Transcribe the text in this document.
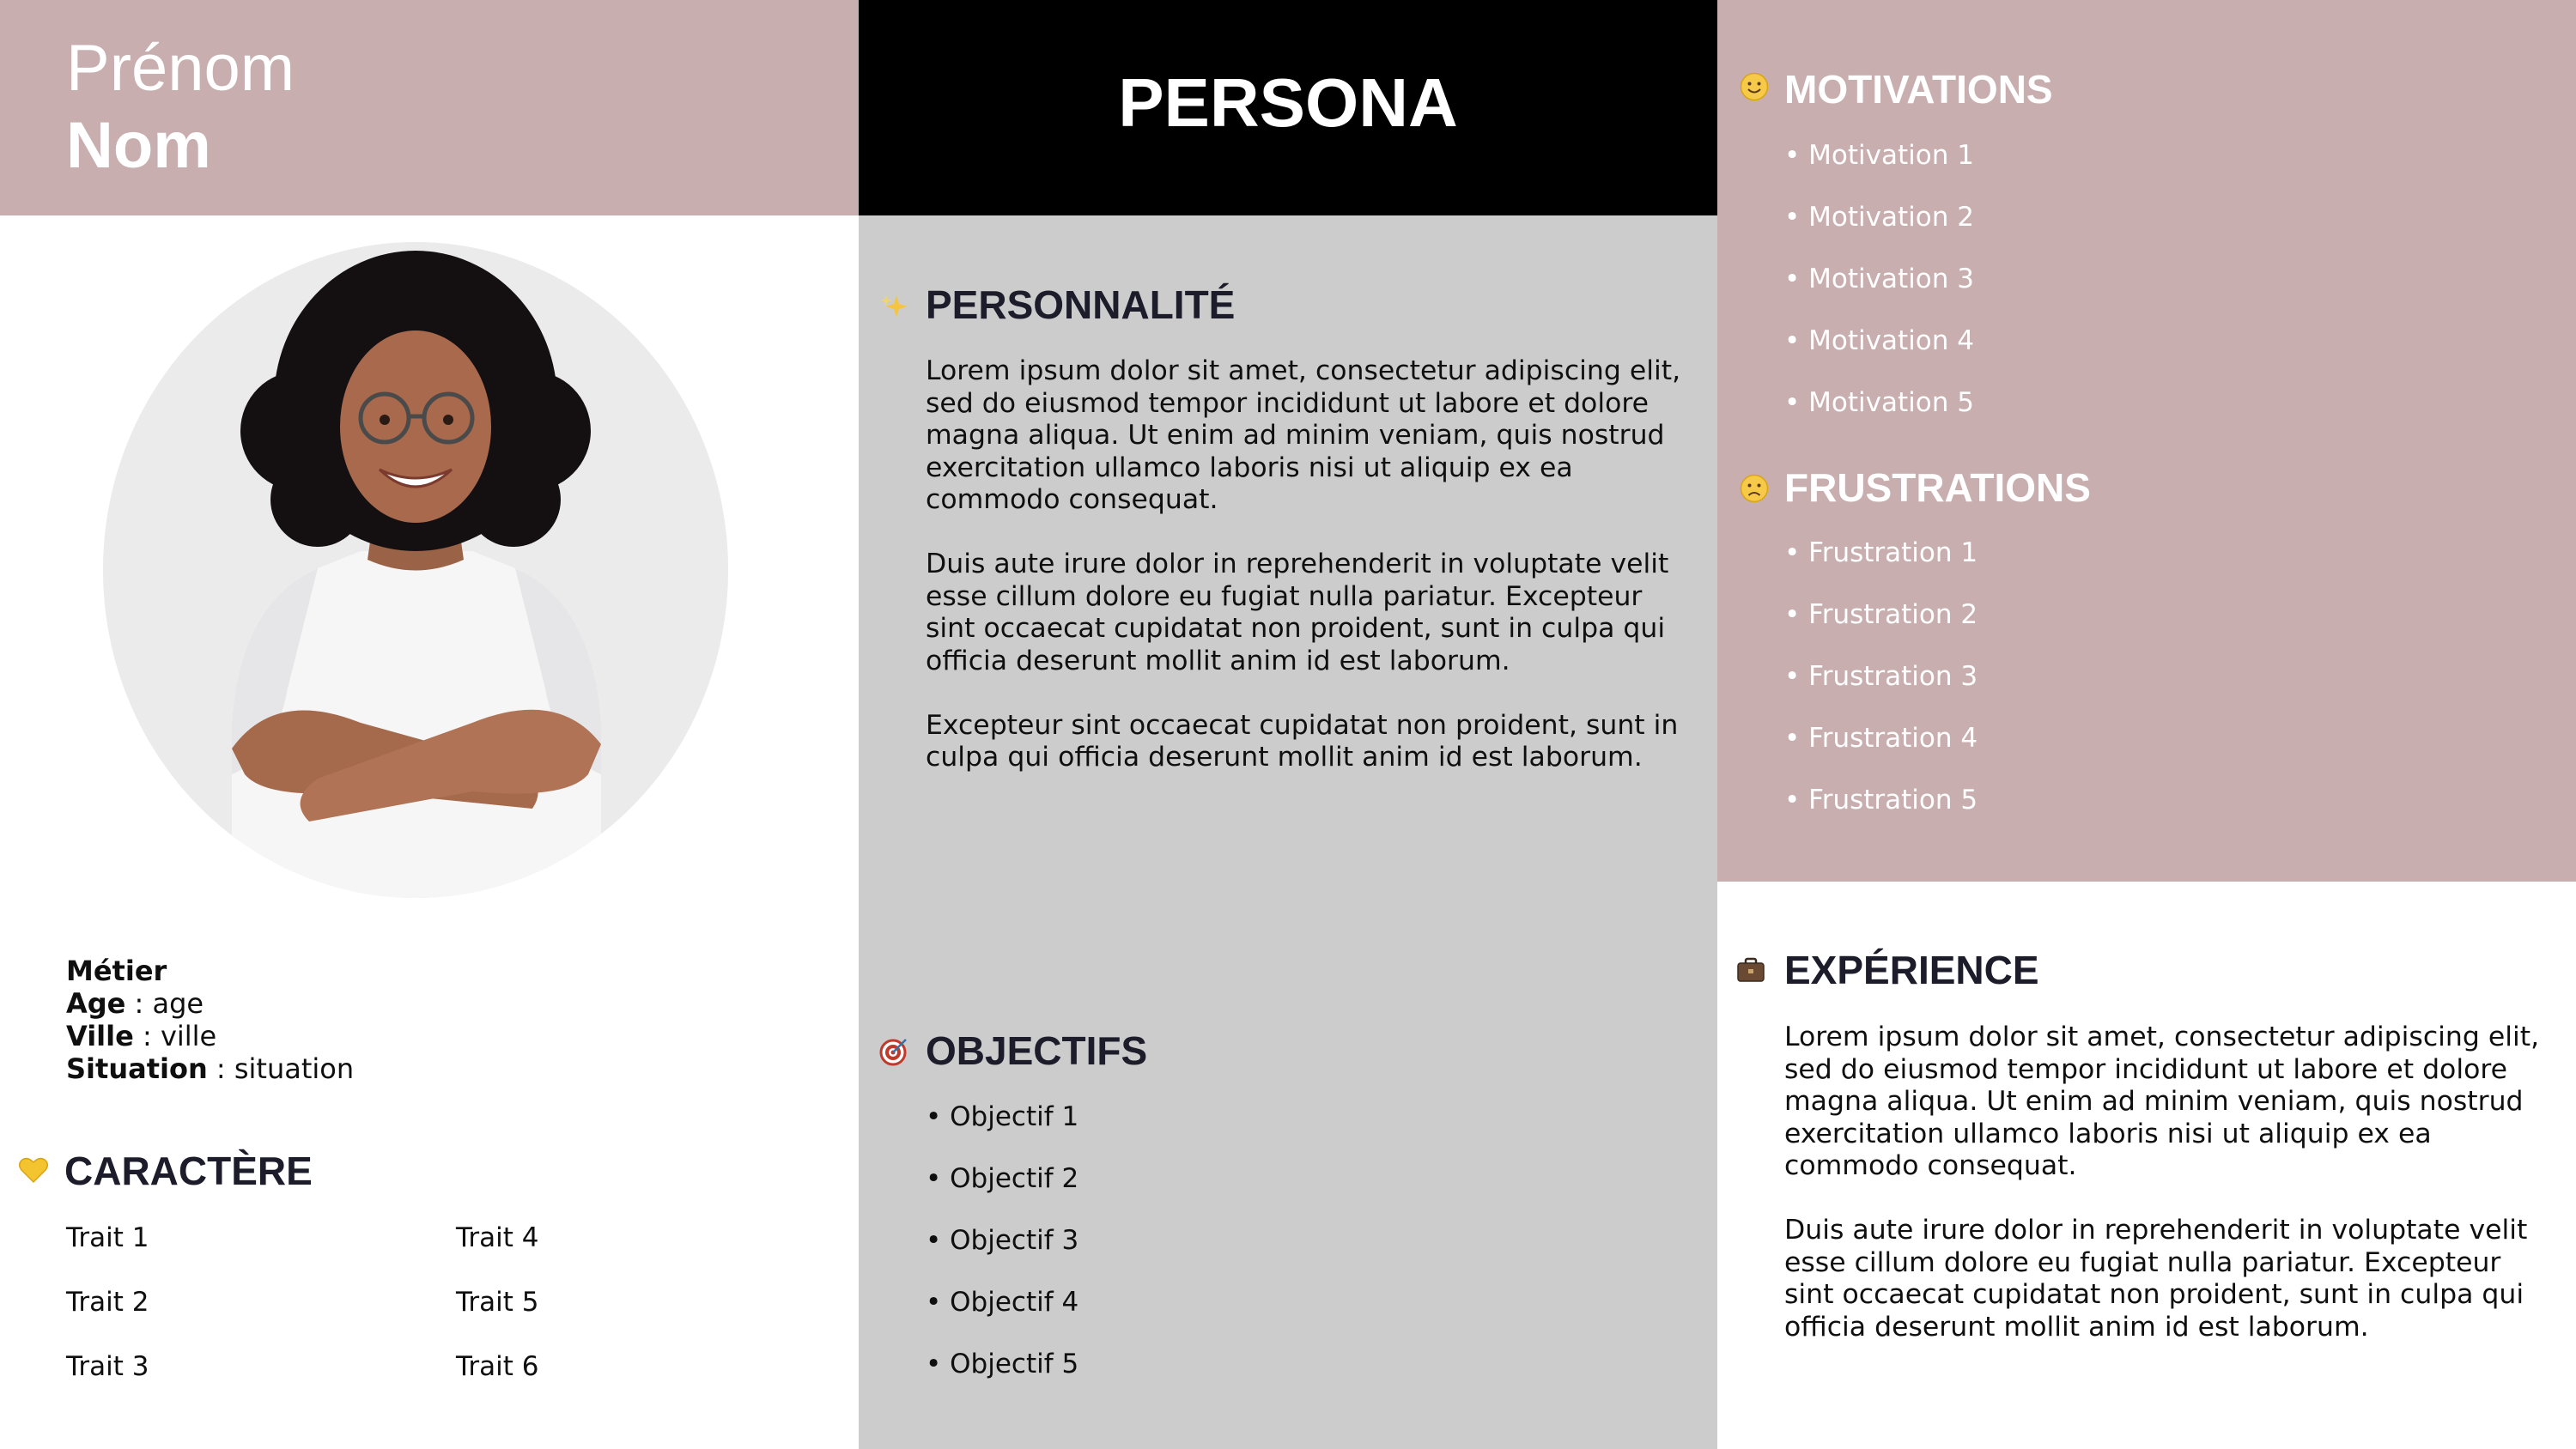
Prénom
Nom
PERSONA
Métier
Age : age
Ville : ville
Situation : situation
CARACTÈRE
Trait 1
Trait 2
Trait 3
Trait 4
Trait 5
Trait 6
PERSONNALITÉ

Lorem ipsum dolor sit amet, consectetur adipiscing elit, sed do eiusmod tempor incididunt ut labore et dolore magna aliqua. Ut enim ad minim veniam, quis nostrud exercitation ullamco laboris nisi ut aliquip ex ea commodo consequat.

Duis aute irure dolor in reprehenderit in voluptate velit esse cillum dolore eu fugiat nulla pariatur. Excepteur sint occaecat cupidatat non proident, sunt in culpa qui officia deserunt mollit anim id est laborum.

Excepteur sint occaecat cupidatat non proident, sunt in culpa qui officia deserunt mollit anim id est laborum.

OBJECTIFS
• Objectif 1
• Objectif 2
• Objectif 3
• Objectif 4
• Objectif 5
MOTIVATIONS
• Motivation 1
• Motivation 2
• Motivation 3
• Motivation 4
• Motivation 5
FRUSTRATIONS
• Frustration 1
• Frustration 2
• Frustration 3
• Frustration 4
• Frustration 5
EXPÉRIENCE

Lorem ipsum dolor sit amet, consectetur adipiscing elit, sed do eiusmod tempor incididunt ut labore et dolore magna aliqua. Ut enim ad minim veniam, quis nostrud exercitation ullamco laboris nisi ut aliquip ex ea commodo consequat.

Duis aute irure dolor in reprehenderit in voluptate velit esse cillum dolore eu fugiat nulla pariatur. Excepteur sint occaecat cupidatat non proident, sunt in culpa qui officia deserunt mollit anim id est laborum.
